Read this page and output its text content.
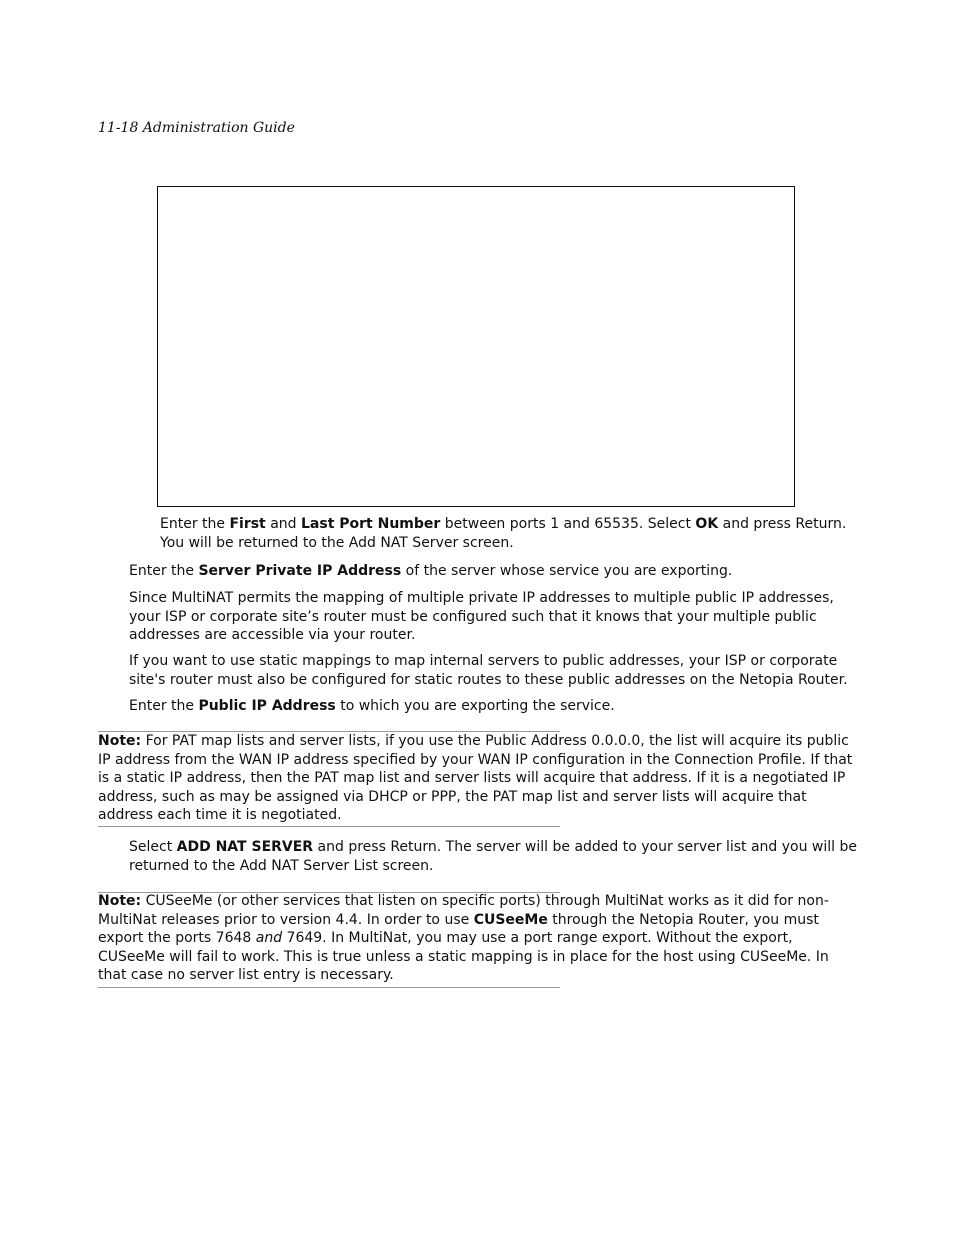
11-18 Administration Guide

Enter the First and Last Port Number between ports 1 and 65535. Select OK and press Return. You will be returned to the Add NAT Server screen.

Enter the Server Private IP Address of the server whose service you are exporting.

Since MultiNAT permits the mapping of multiple private IP addresses to multiple public IP addresses, your ISP or corporate site’s router must be configured such that it knows that your multiple public addresses are accessible via your router.

If you want to use static mappings to map internal servers to public addresses, your ISP or corporate site's router must also be configured for static routes to these public addresses on the Netopia Router.

Enter the Public IP Address to which you are exporting the service.

Note: For PAT map lists and server lists, if you use the Public Address 0.0.0.0, the list will acquire its public IP address from the WAN IP address specified by your WAN IP configuration in the Connection Profile. If that is a static IP address, then the PAT map list and server lists will acquire that address. If it is a negotiated IP address, such as may be assigned via DHCP or PPP, the PAT map list and server lists will acquire that address each time it is negotiated.

Select ADD NAT SERVER and press Return. The server will be added to your server list and you will be returned to the Add NAT Server List screen.

Note: CUSeeMe (or other services that listen on specific ports) through MultiNat works as it did for non-MultiNat releases prior to version 4.4. In order to use CUSeeMe through the Netopia Router, you must export the ports 7648 and 7649. In MultiNat, you may use a port range export. Without the export, CUSeeMe will fail to work. This is true unless a static mapping is in place for the host using CUSeeMe. In that case no server list entry is necessary.
